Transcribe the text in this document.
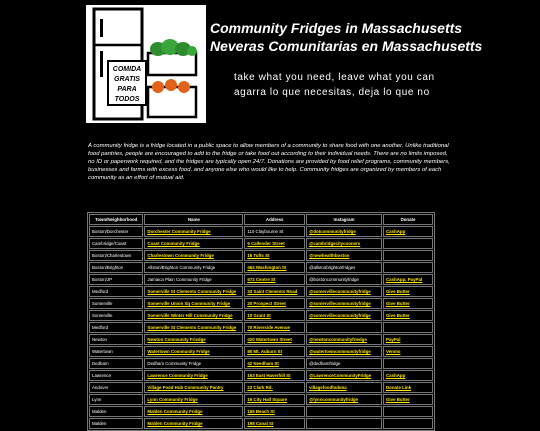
COMIDA
GRATIS
PARA
TODOS
Community Fridges in Massachusetts
Neveras Comunitarias en Massachusetts
take what you need, leave what you can
agarra lo que necesitas, deja lo que no
A community fridge is a fridge located in a public space to allow members of a community to share food with one another. Unlike traditional food pantries, people are encouraged to add to the fridge or take food out according to their individual needs. There are no limits imposed, no ID or paperwork required, and the fridges are typically open 24/7. Donations are provided by food relief programs, community members, businesses and farms with excess food, and anyone else who would like to help. Community fridges are organized by members of each community as an effort of mutual aid.
Town/Neighborhood	Name	Address	Instagram	Donate
Boston/Dorchester	Dorchester Community Fridge	110 Claybourne St	@dotcommunityfridge	CashApp
Cambridge/Coast	Coast Community Fridge	5 Callender Street	@cambridgecitycooners	
Boston/Charlestown	Charlestown Community Fridge	15 Tufts St	@newhealthboston	
Boston/Brighton	Allston/Brighton Community Fridge	464 Washington St	@allstonbrightonfridges	
Boston/JP	Jamaica Plain Community Fridge	672 Centre St	@bostoncommunityfridge	CashApp, PayPal
Medford	Somerville St Clements Community Fridge	33 Saint Clements Road	@somervillecommunityfridge	Give Butter
Somerville	Somerville Union Sq Community Fridge	20 Prospect Street	@somervillecommunityfridge	Give Butter
Somerville	Somerville Winter Hill Community Fridge	10 Grant St	@somervillecommunityfridge	Give Butter
Medford	Somerville St Clements Community Fridge	70 Riverside Avenue		
Newton	Newton Community Frisdge	420 Watertown Street	@newtoncommunityfriedge	PayPal
Watertown	Watertown Community Fridge	80 Mt. Auburn St	@watertowncommunityfridge	Venmo
Dedham	Dedham Community Fridge	42 Needham St	@dedhamfridge	
Lawrence	Lawrence Community Fridge	163 East Haverhill St	@LawrenceCommunityFridge	CashApp
Andover	Village Food Hub Community Pantry	23 Clark Rd.	villagefoodhubma	Donate Link
Lynn	Lynn Community Fridge	16 City Hall Square	@lynncommunityfridge	Give Butter
Malden	Malden Community Fridge	155 Beach St		
Malden	Malden Community Fridge	198 Canal St		
